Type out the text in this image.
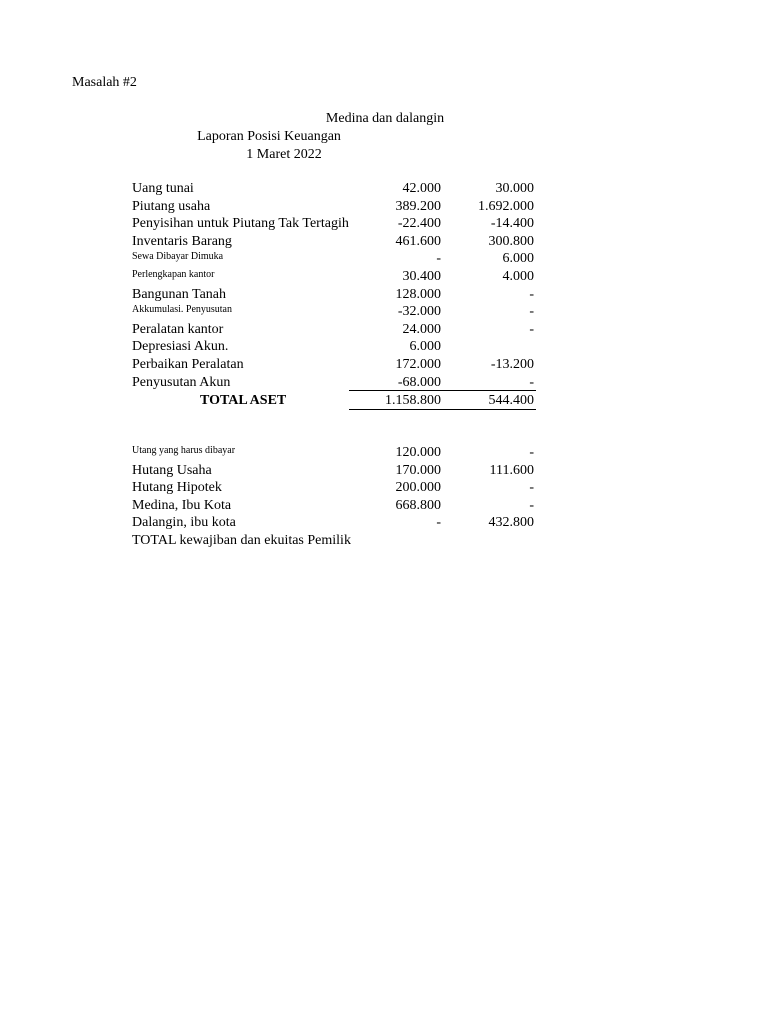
Masalah #2
Medina dan dalangin
Laporan Posisi Keuangan
1 Maret 2022
Uang tunai	42.000	30.000
Piutang usaha	389.200	1.692.000
Penyisihan untuk Piutang Tak Tertagih	-22.400	-14.400
Inventaris Barang	461.600	300.800
Sewa Dibayar Dimuka	-	6.000
Perlengkapan kantor	30.400	4.000
Bangunan Tanah	128.000	-
Akkumulasi. Penyusutan	-32.000	-
Peralatan kantor	24.000	-
Depresiasi Akun.	6.000
Perbaikan Peralatan	172.000	-13.200
Penyusutan Akun	-68.000	-
TOTAL ASET	1.158.800	544.400
Utang yang harus dibayar	120.000	-
Hutang Usaha	170.000	111.600
Hutang Hipotek	200.000	-
Medina, Ibu Kota	668.800	-
Dalangin, ibu kota	-	432.800
TOTAL kewajiban dan ekuitas Pemilik
